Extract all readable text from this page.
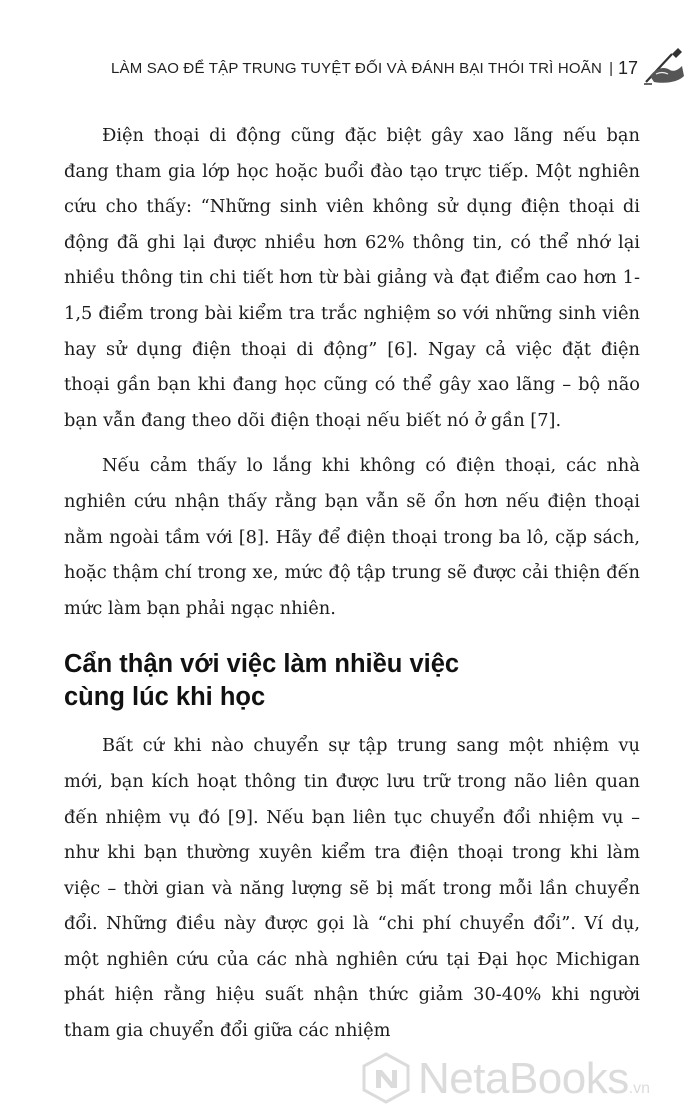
LÀM SAO ĐỂ TẬP TRUNG TUYỆT ĐỐI VÀ ĐÁNH BẠI THÓI TRÌ HOÃN | 17

Điện thoại di động cũng đặc biệt gây xao lãng nếu bạn đang tham gia lớp học hoặc buổi đào tạo trực tiếp. Một nghiên cứu cho thấy: “Những sinh viên không sử dụng điện thoại di động đã ghi lại được nhiều hơn 62% thông tin, có thể nhớ lại nhiều thông tin chi tiết hơn từ bài giảng và đạt điểm cao hơn 1-1,5 điểm trong bài kiểm tra trắc nghiệm so với những sinh viên hay sử dụng điện thoại di động” [6]. Ngay cả việc đặt điện thoại gần bạn khi đang học cũng có thể gây xao lãng – bộ não bạn vẫn đang theo dõi điện thoại nếu biết nó ở gần [7].

Nếu cảm thấy lo lắng khi không có điện thoại, các nhà nghiên cứu nhận thấy rằng bạn vẫn sẽ ổn hơn nếu điện thoại nằm ngoài tầm với [8]. Hãy để điện thoại trong ba lô, cặp sách, hoặc thậm chí trong xe, mức độ tập trung sẽ được cải thiện đến mức làm bạn phải ngạc nhiên.

Cẩn thận với việc làm nhiều việc cùng lúc khi học

Bất cứ khi nào chuyển sự tập trung sang một nhiệm vụ mới, bạn kích hoạt thông tin được lưu trữ trong não liên quan đến nhiệm vụ đó [9]. Nếu bạn liên tục chuyển đổi nhiệm vụ – như khi bạn thường xuyên kiểm tra điện thoại trong khi làm việc – thời gian và năng lượng sẽ bị mất trong mỗi lần chuyển đổi. Những điều này được gọi là “chi phí chuyển đổi”. Ví dụ, một nghiên cứu của các nhà nghiên cứu tại Đại học Michigan phát hiện rằng hiệu suất nhận thức giảm 30-40% khi người tham gia chuyển đổi giữa các nhiệm

NetaBooks.vn
